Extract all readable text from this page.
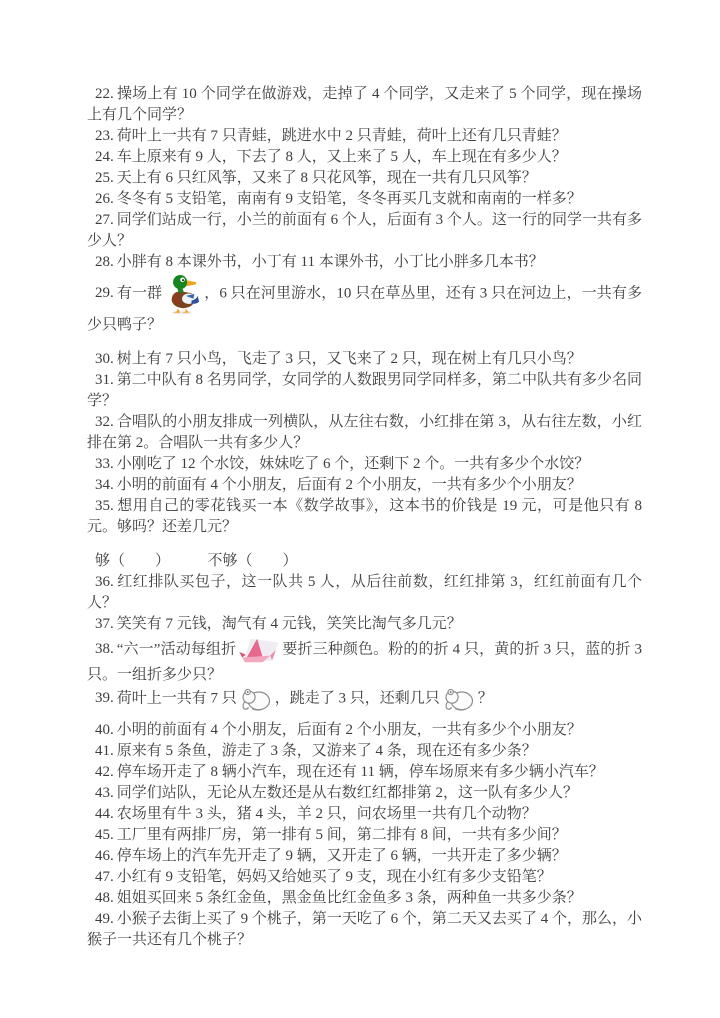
22. 操场上有 10 个同学在做游戏，走掉了 4 个同学，又走来了 5 个同学，现在操场上有几个同学？

23. 荷叶上一共有 7 只青蛙，跳进水中 2 只青蛙，荷叶上还有几只青蛙？

24. 车上原来有 9 人，下去了 8 人，又上来了 5 人，车上现在有多少人？

25. 天上有 6 只红风筝，又来了 8 只花风筝，现在一共有几只风筝？

26. 冬冬有 5 支铅笔，南南有 9 支铅笔，冬冬再买几支就和南南的一样多？

27. 同学们站成一行，小兰的前面有 6 个人，后面有 3 个人。这一行的同学一共有多少人？

28. 小胖有 8 本课外书，小丁有 11 本课外书，小丁比小胖多几本书？

29. 有一群	，6 只在河里游水，10 只在草丛里，还有 3 只在河边上，一共有多少只鸭子？

30. 树上有 7 只小鸟，飞走了 3 只，又飞来了 2 只，现在树上有几只小鸟？

31. 第二中队有 8 名男同学，女同学的人数跟男同学同样多，第二中队共有多少名同学？

32. 合唱队的小朋友排成一列横队，从左往右数，小红排在第 3，从右往左数，小红排在第 2。合唱队一共有多少人？

33. 小刚吃了 12 个水饺，妹妹吃了 6 个，还剩下 2 个。一共有多少个水饺？

34. 小明的前面有 4 个小朋友，后面有 2 个小朋友，一共有多少个小朋友？

35. 想用自己的零花钱买一本《数学故事》，这本书的价钱是 19 元，可是他只有 8 元。够吗？还差几元？

够（　　）　　　不够（　　）

36. 红红排队买包子，这一队共 5 人，从后往前数，红红排第 3，红红前面有几个人？

37. 笑笑有 7 元钱，淘气有 4 元钱，笑笑比淘气多几元？

38. “六一”活动每组折	要折三种颜色。粉的的折 4 只，黄的折 3 只，蓝的折 3 只。一组折多少只？

39. 荷叶上一共有 7 只	，跳走了 3 只，还剩几只	？

40. 小明的前面有 4 个小朋友，后面有 2 个小朋友，一共有多少个小朋友？

41. 原来有 5 条鱼，游走了 3 条，又游来了 4 条，现在还有多少条？

42. 停车场开走了 8 辆小汽车，现在还有 11 辆，停车场原来有多少辆小汽车？

43. 同学们站队，无论从左数还是从右数红红都排第 2，这一队有多少人？

44. 农场里有牛 3 头，猪 4 头，羊 2 只，问农场里一共有几个动物？

45. 工厂里有两排厂房，第一排有 5 间，第二排有 8 间，一共有多少间？

46. 停车场上的汽车先开走了 9 辆，又开走了 6 辆，一共开走了多少辆？

47. 小红有 9 支铅笔，妈妈又给她买了 9 支，现在小红有多少支铅笔？

48. 姐姐买回来 5 条红金鱼，黑金鱼比红金鱼多 3 条，两种鱼一共多少条？

49. 小猴子去街上买了 9 个桃子，第一天吃了 6 个，第二天又去买了 4 个，那么，小猴子一共还有几个桃子？
